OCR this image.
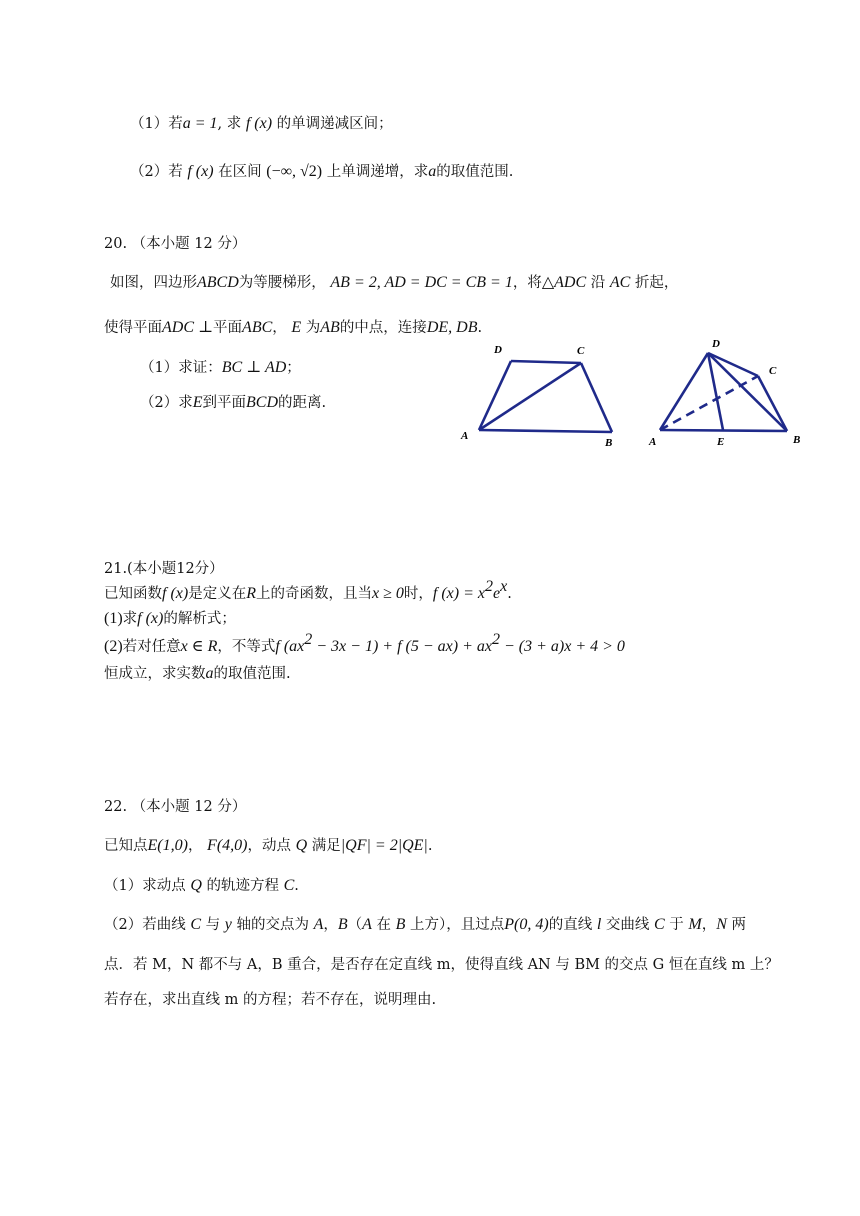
（1）若a = 1, 求 f (x) 的单调递减区间；
（2）若 f (x) 在区间 (−∞, √2) 上单调递增，求a的取值范围.
20. （本小题 12 分）
如图，四边形ABCD为等腰梯形， AB = 2, AD = DC = CB = 1，将△ADC 沿 AC 折起，
使得平面ADC ⊥平面ABC， E 为AB的中点，连接DE, DB.
（1）求证：BC ⊥ AD；
（2）求E到平面BCD的距离.
D	C
A
B
D
C
A	E	B
21.(本小题12分）
已知函数f (x)是定义在R上的奇函数，且当x ≥ 0时，f $(x) = x^2e^x$.
(1)求f (x)的解析式；
(2)若对任意x ∈ R，不等式f $(ax^2 - 3x - 1) + f$ $(5 - ax) + ax^2 - (3 + a)x + 4 > 0$
恒成立，求实数a的取值范围.
22. （本小题 12 分）
已知点E(1,0)， F(4,0)，动点 Q 满足|QF| = 2|QE|.
（1）求动点 Q 的轨迹方程 C.
（2）若曲线 C 与 y 轴的交点为 A，B（A 在 B 上方），且过点P(0, 4)的直线 l 交曲线 C 于 M，N 两
点．若 M，N 都不与 A，B 重合，是否存在定直线 m，使得直线 AN 与 BM 的交点 G 恒在直线 m 上？
若存在，求出直线 m 的方程；若不存在，说明理由.
